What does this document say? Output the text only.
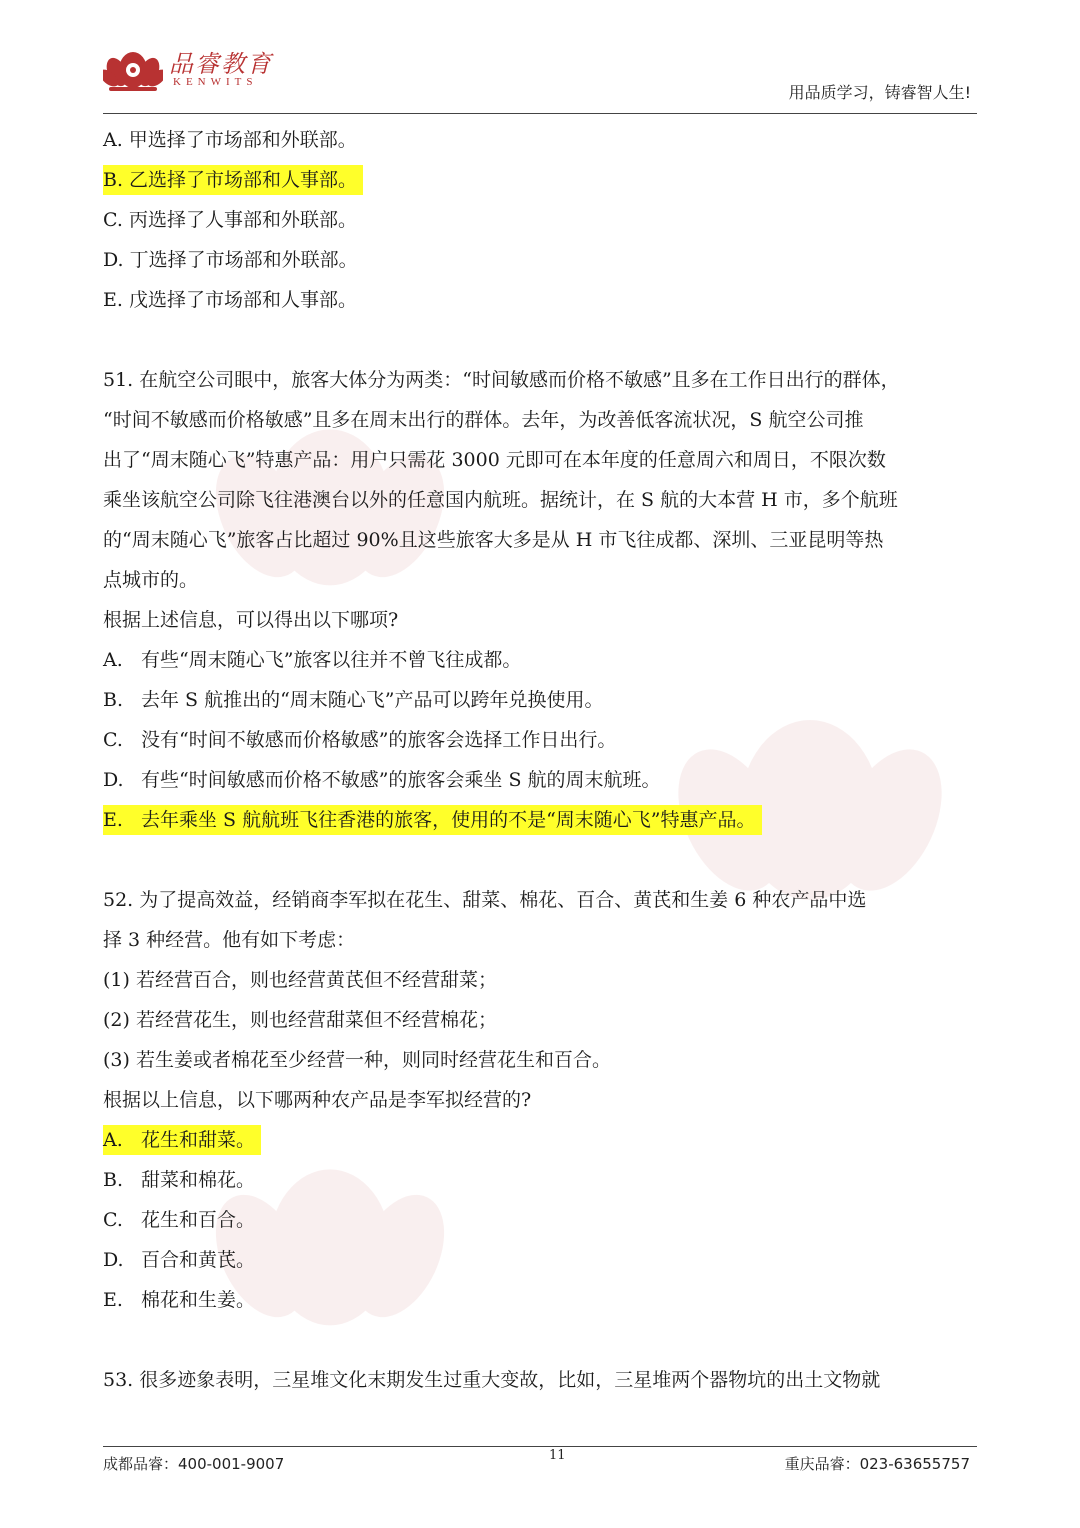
品睿教育
KENWITS
用品质学习，铸睿智人生!
A. 甲选择了市场部和外联部。
B. 乙选择了市场部和人事部。
C. 丙选择了人事部和外联部。
D. 丁选择了市场部和外联部。
E. 戊选择了市场部和人事部。
51. 在航空公司眼中，旅客大体分为两类：“时间敏感而价格不敏感”且多在工作日出行的群体，
“时间不敏感而价格敏感”且多在周末出行的群体。去年，为改善低客流状况，S 航空公司推
出了“周末随心飞”特惠产品：用户只需花 3000 元即可在本年度的任意周六和周日，不限次数
乘坐该航空公司除飞往港澳台以外的任意国内航班。据统计，在 S 航的大本营 H 市，多个航班
的“周末随心飞”旅客占比超过 90%且这些旅客大多是从 H 市飞往成都、深圳、三亚昆明等热
点城市的。
根据上述信息，可以得出以下哪项?
A. 有些“周末随心飞”旅客以往并不曾飞往成都。
B. 去年 S 航推出的“周末随心飞”产品可以跨年兑换使用。
C. 没有“时间不敏感而价格敏感”的旅客会选择工作日出行。
D. 有些“时间敏感而价格不敏感”的旅客会乘坐 S 航的周末航班。
E. 去年乘坐 S 航航班飞往香港的旅客，使用的不是“周末随心飞”特惠产品。
52. 为了提高效益，经销商李军拟在花生、甜菜、棉花、百合、黄芪和生姜 6 种农产品中选
择 3 种经营。他有如下考虑：
(1) 若经营百合，则也经营黄芪但不经营甜菜；
(2) 若经营花生，则也经营甜菜但不经营棉花；
(3) 若生姜或者棉花至少经营一种，则同时经营花生和百合。
根据以上信息，以下哪两种农产品是李军拟经营的?
A. 花生和甜菜。
B. 甜菜和棉花。
C. 花生和百合。
D. 百合和黄芪。
E. 棉花和生姜。
53. 很多迹象表明，三星堆文化末期发生过重大变故，比如，三星堆两个器物坑的出土文物就
成都品睿：400-001-9007	11	重庆品睿：023-63655757
